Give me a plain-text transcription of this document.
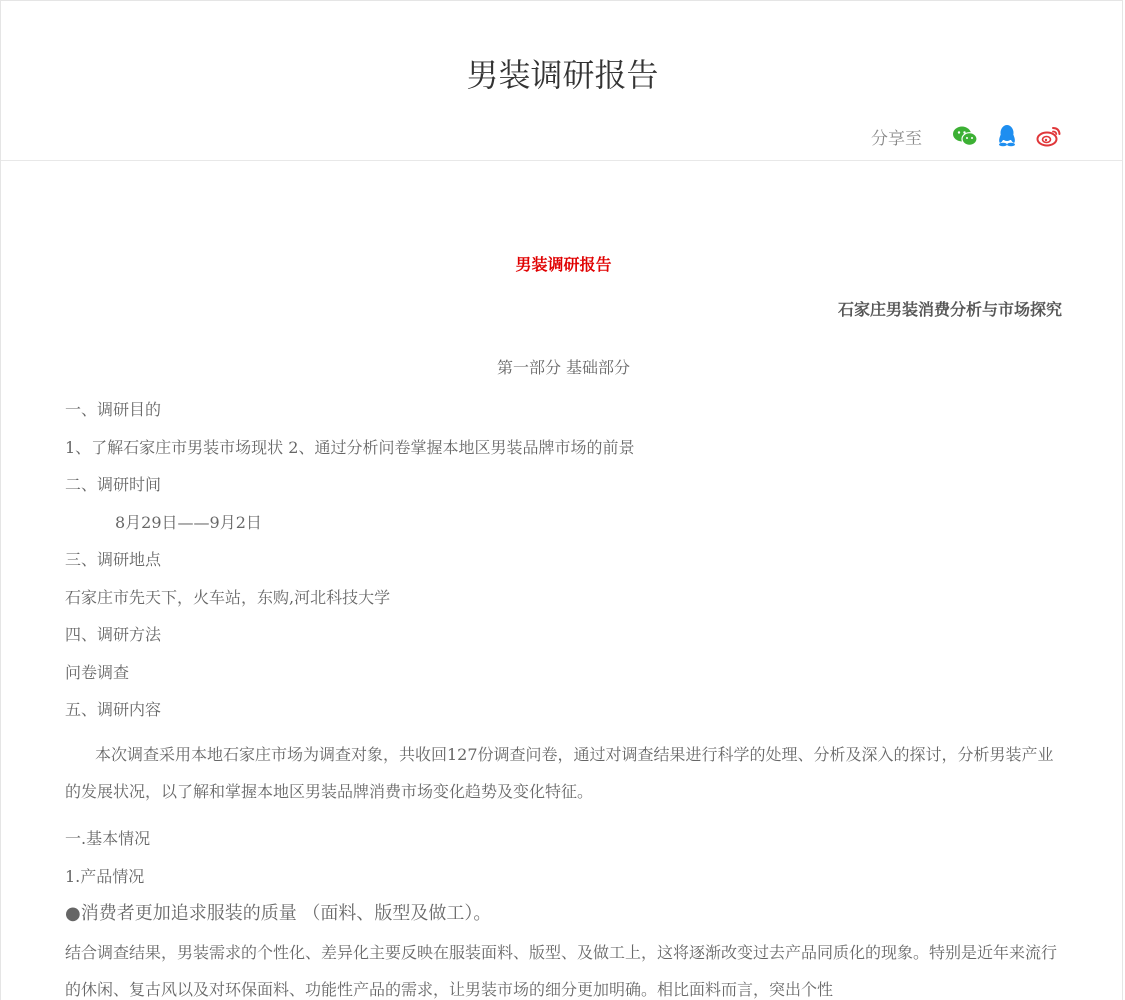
男装调研报告
分享至
男装调研报告
石家庄男装消费分析与市场探究
第一部分 基础部分
一、调研目的
1、了解石家庄市男装市场现状 2、通过分析问卷掌握本地区男装品牌市场的前景
二、调研时间
8月29日——9月2日
三、调研地点
石家庄市先天下，火车站，东购,河北科技大学
四、调研方法
问卷调查
五、调研内容
本次调查采用本地石家庄市场为调查对象，共收回127份调查问卷，通过对调查结果进行科学的处理、分析及深入的探讨，分析男装产业的发展状况，以了解和掌握本地区男装品牌消费市场变化趋势及变化特征。
一.基本情况
1.产品情况
●消费者更加追求服装的质量 （面料、版型及做工）。
结合调查结果，男装需求的个性化、差异化主要反映在服装面料、版型、及做工上，这将逐渐改变过去产品同质化的现象。特别是近年来流行的休闲、复古风以及对环保面料、功能性产品的需求，让男装市场的细分更加明确。相比面料而言，突出个性
